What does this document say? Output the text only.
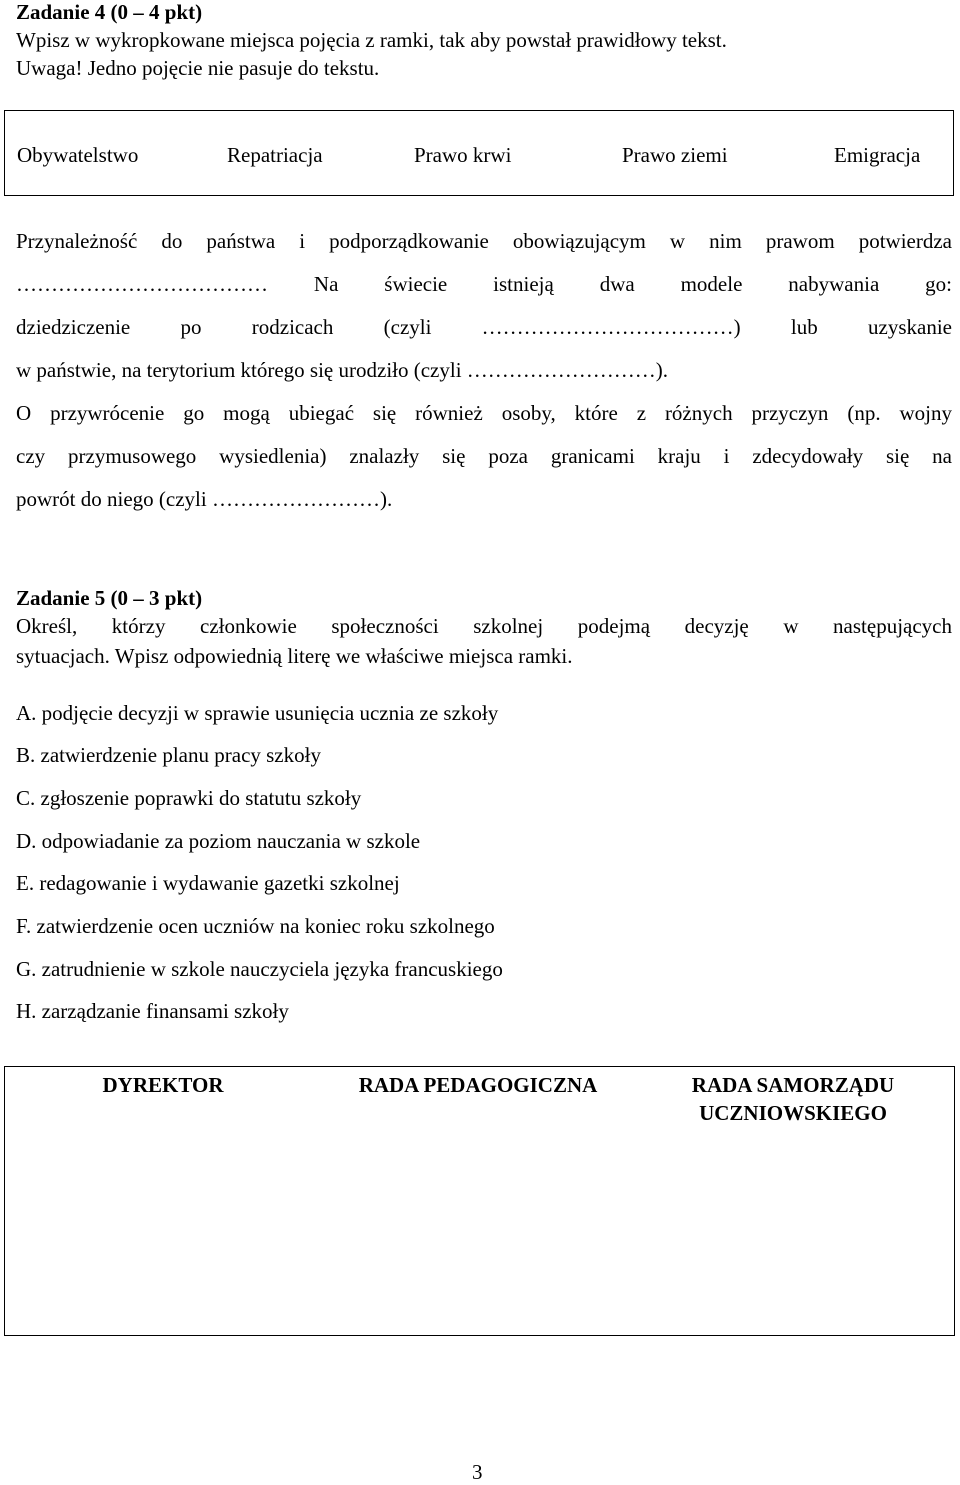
Zadanie 4 (0 – 4 pkt)
Wpisz w wykropkowane miejsca pojęcia z ramki, tak aby powstał prawidłowy tekst.
Uwaga! Jedno pojęcie nie pasuje do tekstu.
Obywatelstwo	Repatriacja	Prawo krwi	Prawo ziemi	Emigracja
Przynależność do państwa i podporządkowanie obowiązującym w nim prawom potwierdza
……………………………… Na świecie istnieją dwa modele nabywania go:
dziedziczenie po rodzicach (czyli ………………………………) lub uzyskanie
w państwie, na terytorium którego się urodziło (czyli ………………………).
O przywrócenie go mogą ubiegać się również osoby, które z różnych przyczyn (np. wojny
czy przymusowego wysiedlenia) znalazły się poza granicami kraju i zdecydowały się na
powrót do niego (czyli ……………………).
Zadanie 5 (0 – 3 pkt)
Określ, którzy członkowie społeczności szkolnej podejmą decyzję w następujących
sytuacjach. Wpisz odpowiednią literę we właściwe miejsca ramki.
A. podjęcie decyzji w sprawie usunięcia ucznia ze szkoły
B. zatwierdzenie planu pracy szkoły
C. zgłoszenie poprawki do statutu szkoły
D. odpowiadanie za poziom nauczania w szkole
E. redagowanie i wydawanie gazetki szkolnej
F. zatwierdzenie ocen uczniów na koniec roku szkolnego
G. zatrudnienie w szkole nauczyciela języka francuskiego
H. zarządzanie finansami szkoły
DYREKTOR	RADA PEDAGOGICZNA	RADA SAMORZĄDU
UCZNIOWSKIEGO
3
